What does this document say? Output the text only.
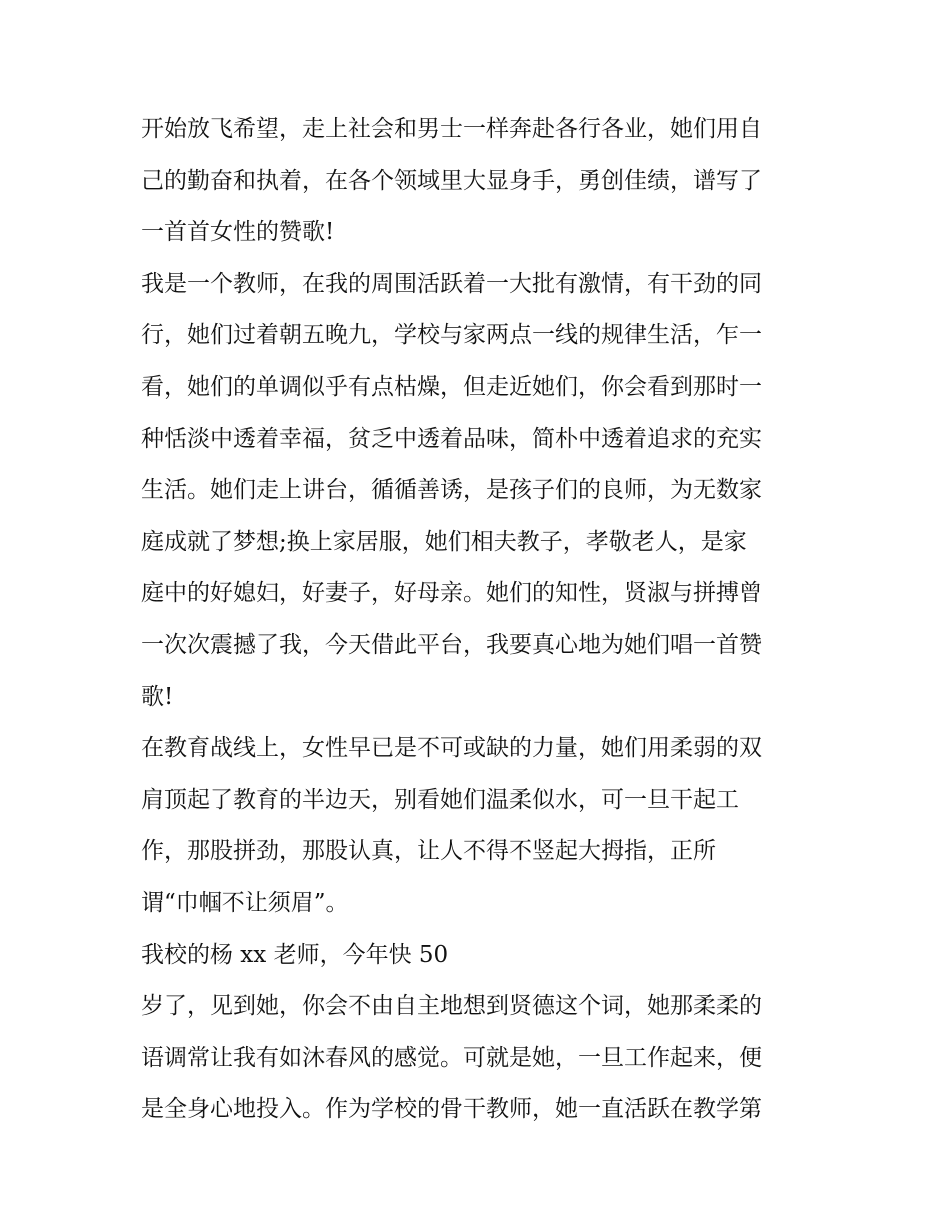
开始放飞希望，走上社会和男士一样奔赴各行各业，她们用自
己的勤奋和执着，在各个领域里大显身手，勇创佳绩，谱写了
一首首女性的赞歌!
我是一个教师，在我的周围活跃着一大批有激情，有干劲的同
行，她们过着朝五晚九，学校与家两点一线的规律生活，乍一
看，她们的单调似乎有点枯燥，但走近她们，你会看到那时一
种恬淡中透着幸福，贫乏中透着品味，简朴中透着追求的充实
生活。她们走上讲台，循循善诱，是孩子们的良师，为无数家
庭成就了梦想;换上家居服，她们相夫教子，孝敬老人，是家
庭中的好媳妇，好妻子，好母亲。她们的知性，贤淑与拼搏曾
一次次震撼了我，今天借此平台，我要真心地为她们唱一首赞
歌!
在教育战线上，女性早已是不可或缺的力量，她们用柔弱的双
肩顶起了教育的半边天，别看她们温柔似水，可一旦干起工
作，那股拼劲，那股认真，让人不得不竖起大拇指，正所
谓“巾帼不让须眉”。
我校的杨 xx 老师，今年快 50
岁了，见到她，你会不由自主地想到贤德这个词，她那柔柔的
语调常让我有如沐春风的感觉。可就是她，一旦工作起来，便
是全身心地投入。作为学校的骨干教师，她一直活跃在教学第
